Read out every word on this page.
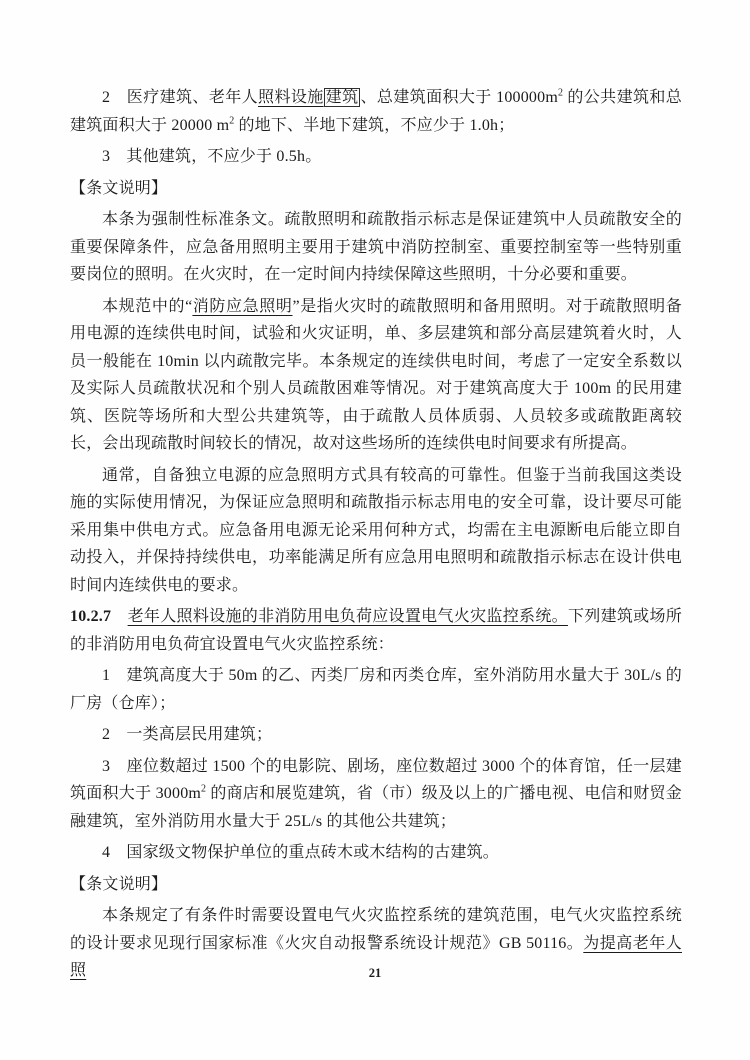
2　医疗建筑、老年人照料设施 建筑 、总建筑面积大于 $100000m^2$ 的公共建筑和总建筑面积大于 20000 $m^2$ 的地下、半地下建筑，不应少于 1.0h；

3　其他建筑，不应少于 0.5h。

【条文说明】

本条为强制性标准条文。疏散照明和疏散指示标志是保证建筑中人员疏散安全的重要保障条件，应急备用照明主要用于建筑中消防控制室、重要控制室等一些特别重要岗位的照明。在火灾时，在一定时间内持续保障这些照明，十分必要和重要。

本规范中的“消防应急照明”是指火灾时的疏散照明和备用照明。对于疏散照明备用电源的连续供电时间，试验和火灾证明，单、多层建筑和部分高层建筑着火时，人员一般能在 10min 以内疏散完毕。本条规定的连续供电时间，考虑了一定安全系数以及实际人员疏散状况和个别人员疏散困难等情况。对于建筑高度大于 100m 的民用建筑、医院等场所和大型公共建筑等，由于疏散人员体质弱、人员较多或疏散距离较长，会出现疏散时间较长的情况，故对这些场所的连续供电时间要求有所提高。

通常，自备独立电源的应急照明方式具有较高的可靠性。但鉴于当前我国这类设施的实际使用情况，为保证应急照明和疏散指示标志用电的安全可靠，设计要尽可能采用集中供电方式。应急备用电源无论采用何种方式，均需在主电源断电后能立即自动投入，并保持持续供电，功率能满足所有应急用电照明和疏散指示标志在设计供电时间内连续供电的要求。

10.2.7　 老年人照料设施的非消防用电负荷应设置电气火灾监控系统。下列建筑或场所的非消防用电负荷宜设置电气火灾监控系统：

1　建筑高度大于 50m 的乙、丙类厂房和丙类仓库，室外消防用水量大于 30L/s 的厂房（仓库）；

2　一类高层民用建筑；

3　座位数超过 1500 个的电影院、剧场，座位数超过 3000 个的体育馆，任一层建筑面积大于 $3000m^2$ 的商店和展览建筑，省（市）级及以上的广播电视、电信和财贸金融建筑，室外消防用水量大于 25L/s 的其他公共建筑；

4　国家级文物保护单位的重点砖木或木结构的古建筑。

【条文说明】

本条规定了有条件时需要设置电气火灾监控系统的建筑范围，电气火灾监控系统的设计要求见现行国家标准《火灾自动报警系统设计规范》GB 50116。为提高老年人照	21
